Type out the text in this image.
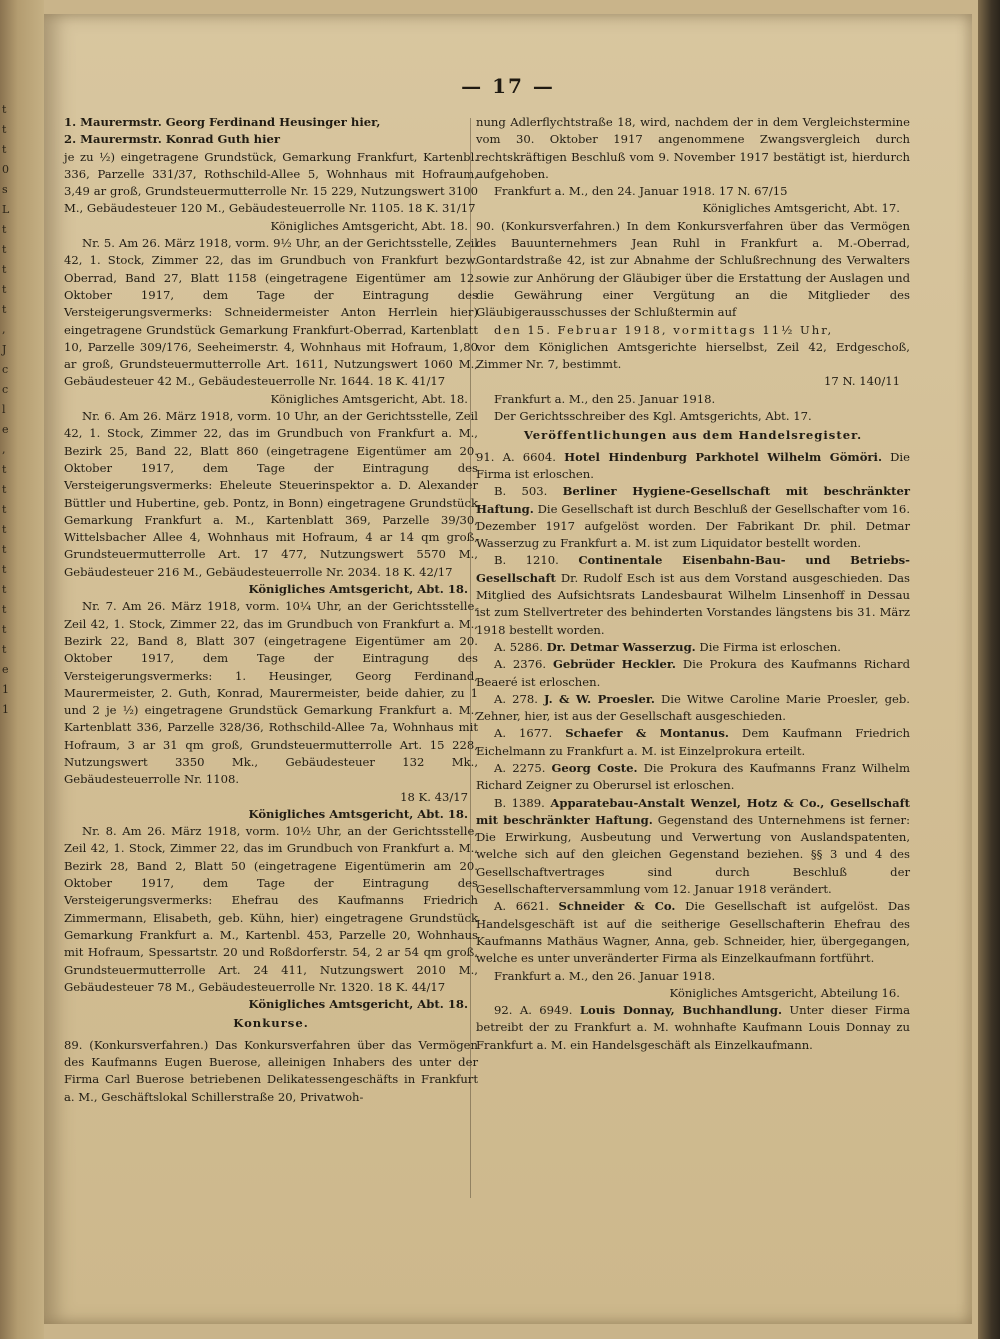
t
t
t
0
s
L
t
t
t
t
t
,
J
c
c
l
e
,
t
t
t
t
t
t
t
t
t
t
e
1
1
— 17 —

1. Maurermstr. Georg Ferdinand Heusinger hier,

2. Maurermstr. Konrad Guth hier

je zu ½) eingetragene Grundstück, Gemarkung Frankfurt, Kartenbl. 336, Parzelle 331/37, Rothschild-Allee 5, Wohnhaus mit Hofraum, 3,49 ar groß, Grundsteuermutterrolle Nr. 15 229, Nutzungswert 3100 M., Gebäudesteuer 120 M., Gebäudesteuerrolle Nr. 1105. 18 K. 31/17

Königliches Amtsgericht, Abt. 18.

Nr. 5. Am 26. März 1918, vorm. 9½ Uhr, an der Gerichtsstelle, Zeil 42, 1. Stock, Zimmer 22, das im Grundbuch von Frankfurt bezw. Oberrad, Band 27, Blatt 1158 (eingetragene Eigentümer am 12. Oktober 1917, dem Tage der Eintragung des Versteigerungsvermerks: Schneidermeister Anton Herrlein hier) eingetragene Grundstück Gemarkung Frankfurt-Oberrad, Kartenblatt 10, Parzelle 309/176, Seeheimerstr. 4, Wohnhaus mit Hofraum, 1,80 ar groß, Grundsteuermutterrolle Art. 1611, Nutzungswert 1060 M., Gebäudesteuer 42 M., Gebäudesteuerrolle Nr. 1644. 18 K. 41/17

Königliches Amtsgericht, Abt. 18.

Nr. 6. Am 26. März 1918, vorm. 10 Uhr, an der Gerichtsstelle, Zeil 42, 1. Stock, Zimmer 22, das im Grundbuch von Frankfurt a. M., Bezirk 25, Band 22, Blatt 860 (eingetragene Eigentümer am 20. Oktober 1917, dem Tage der Eintragung des Versteigerungsvermerks: Eheleute Steuerinspektor a. D. Alexander Büttler und Hubertine, geb. Pontz, in Bonn) eingetragene Grundstück Gemarkung Frankfurt a. M., Kartenblatt 369, Parzelle 39/30, Wittelsbacher Allee 4, Wohnhaus mit Hofraum, 4 ar 14 qm groß, Grundsteuermutterrolle Art. 17 477, Nutzungswert 5570 M., Gebäudesteuer 216 M., Gebäudesteuerrolle Nr. 2034. 18 K. 42/17

Königliches Amtsgericht, Abt. 18.

Nr. 7. Am 26. März 1918, vorm. 10¼ Uhr, an der Gerichtsstelle, Zeil 42, 1. Stock, Zimmer 22, das im Grundbuch von Frankfurt a. M., Bezirk 22, Band 8, Blatt 307 (eingetragene Eigentümer am 20. Oktober 1917, dem Tage der Eintragung des Versteigerungsvermerks: 1. Heusinger, Georg Ferdinand, Maurermeister, 2. Guth, Konrad, Maurermeister, beide dahier, zu 1 und 2 je ½) eingetragene Grundstück Gemarkung Frankfurt a. M., Kartenblatt 336, Parzelle 328/36, Rothschild-Allee 7a, Wohnhaus mit Hofraum, 3 ar 31 qm groß, Grundsteuermutterrolle Art. 15 228, Nutzungswert 3350 Mk., Gebäudesteuer 132 Mk., Gebäudesteuerrolle Nr. 1108.

18 K. 43/17

Königliches Amtsgericht, Abt. 18.

Nr. 8. Am 26. März 1918, vorm. 10½ Uhr, an der Gerichtsstelle, Zeil 42, 1. Stock, Zimmer 22, das im Grundbuch von Frankfurt a. M., Bezirk 28, Band 2, Blatt 50 (eingetragene Eigentümerin am 20. Oktober 1917, dem Tage der Eintragung des Versteigerungsvermerks: Ehefrau des Kaufmanns Friedrich Zimmermann, Elisabeth, geb. Kühn, hier) eingetragene Grundstück Gemarkung Frankfurt a. M., Kartenbl. 453, Parzelle 20, Wohnhaus mit Hofraum, Spessartstr. 20 und Roßdorferstr. 54, 2 ar 54 qm groß, Grundsteuermutterrolle Art. 24 411, Nutzungswert 2010 M., Gebäudesteuer 78 M., Gebäudesteuerrolle Nr. 1320. 18 K. 44/17

Königliches Amtsgericht, Abt. 18.

Konkurse.

89. (Konkursverfahren.) Das Konkursverfahren über das Vermögen des Kaufmanns Eugen Buerose, alleinigen Inhabers des unter der Firma Carl Buerose betriebenen Delikatessengeschäfts in Frankfurt a. M., Geschäftslokal Schillerstraße 20, Privatwoh-

nung Adlerflychtstraße 18, wird, nachdem der in dem Vergleichstermine vom 30. Oktober 1917 angenommene Zwangsvergleich durch rechtskräftigen Beschluß vom 9. November 1917 bestätigt ist, hierdurch aufgehoben.

Frankfurt a. M., den 24. Januar 1918. 17 N. 67/15

Königliches Amtsgericht, Abt. 17.

90. (Konkursverfahren.) In dem Konkursverfahren über das Vermögen des Bauunternehmers Jean Ruhl in Frankfurt a. M.-Oberrad, Gontardstraße 42, ist zur Abnahme der Schlußrechnung des Verwalters sowie zur Anhörung der Gläubiger über die Erstattung der Auslagen und die Gewährung einer Vergütung an die Mitglieder des Gläubigerausschusses der Schlußtermin auf

den 15. Februar 1918, vormittags 11½ Uhr,

vor dem Königlichen Amtsgerichte hierselbst, Zeil 42, Erdgeschoß, Zimmer Nr. 7, bestimmt.

17 N. 140/11

Frankfurt a. M., den 25. Januar 1918.

Der Gerichtsschreiber des Kgl. Amtsgerichts, Abt. 17.

Veröffentlichungen aus dem Handelsregister.

91. A. 6604. Hotel Hindenburg Parkhotel Wilhelm Gömöri. Die Firma ist erloschen.

B. 503. Berliner Hygiene-Gesellschaft mit beschränkter Haftung. Die Gesellschaft ist durch Beschluß der Gesellschafter vom 16. Dezember 1917 aufgelöst worden. Der Fabrikant Dr. phil. Detmar Wasserzug zu Frankfurt a. M. ist zum Liquidator bestellt worden.

B. 1210. Continentale Eisenbahn-Bau- und Betriebs-Gesellschaft Dr. Rudolf Esch ist aus dem Vorstand ausgeschieden. Das Mitglied des Aufsichtsrats Landesbaurat Wilhelm Linsenhoff in Dessau ist zum Stellvertreter des behinderten Vorstandes längstens bis 31. März 1918 bestellt worden.

A. 5286. Dr. Detmar Wasserzug. Die Firma ist erloschen.

A. 2376. Gebrüder Heckler. Die Prokura des Kaufmanns Richard Beaeré ist erloschen.

A. 278. J. & W. Proesler. Die Witwe Caroline Marie Proesler, geb. Zehner, hier, ist aus der Gesellschaft ausgeschieden.

A. 1677. Schaefer & Montanus. Dem Kaufmann Friedrich Eichelmann zu Frankfurt a. M. ist Einzelprokura erteilt.

A. 2275. Georg Coste. Die Prokura des Kaufmanns Franz Wilhelm Richard Zeigner zu Oberursel ist erloschen.

B. 1389. Apparatebau-Anstalt Wenzel, Hotz & Co., Gesellschaft mit beschränkter Haftung. Gegenstand des Unternehmens ist ferner: Die Erwirkung, Ausbeutung und Verwertung von Auslandspatenten, welche sich auf den gleichen Gegenstand beziehen. §§ 3 und 4 des Gesellschaftvertrages sind durch Beschluß der Gesellschafterversammlung vom 12. Januar 1918 verändert.

A. 6621. Schneider & Co. Die Gesellschaft ist aufgelöst. Das Handelsgeschäft ist auf die seitherige Gesellschafterin Ehefrau des Kaufmanns Mathäus Wagner, Anna, geb. Schneider, hier, übergegangen, welche es unter unveränderter Firma als Einzelkaufmann fortführt.

Frankfurt a. M., den 26. Januar 1918.

Königliches Amtsgericht, Abteilung 16.

92. A. 6949. Louis Donnay, Buchhandlung. Unter dieser Firma betreibt der zu Frankfurt a. M. wohnhafte Kaufmann Louis Donnay zu Frankfurt a. M. ein Handelsgeschäft als Einzelkaufmann.
